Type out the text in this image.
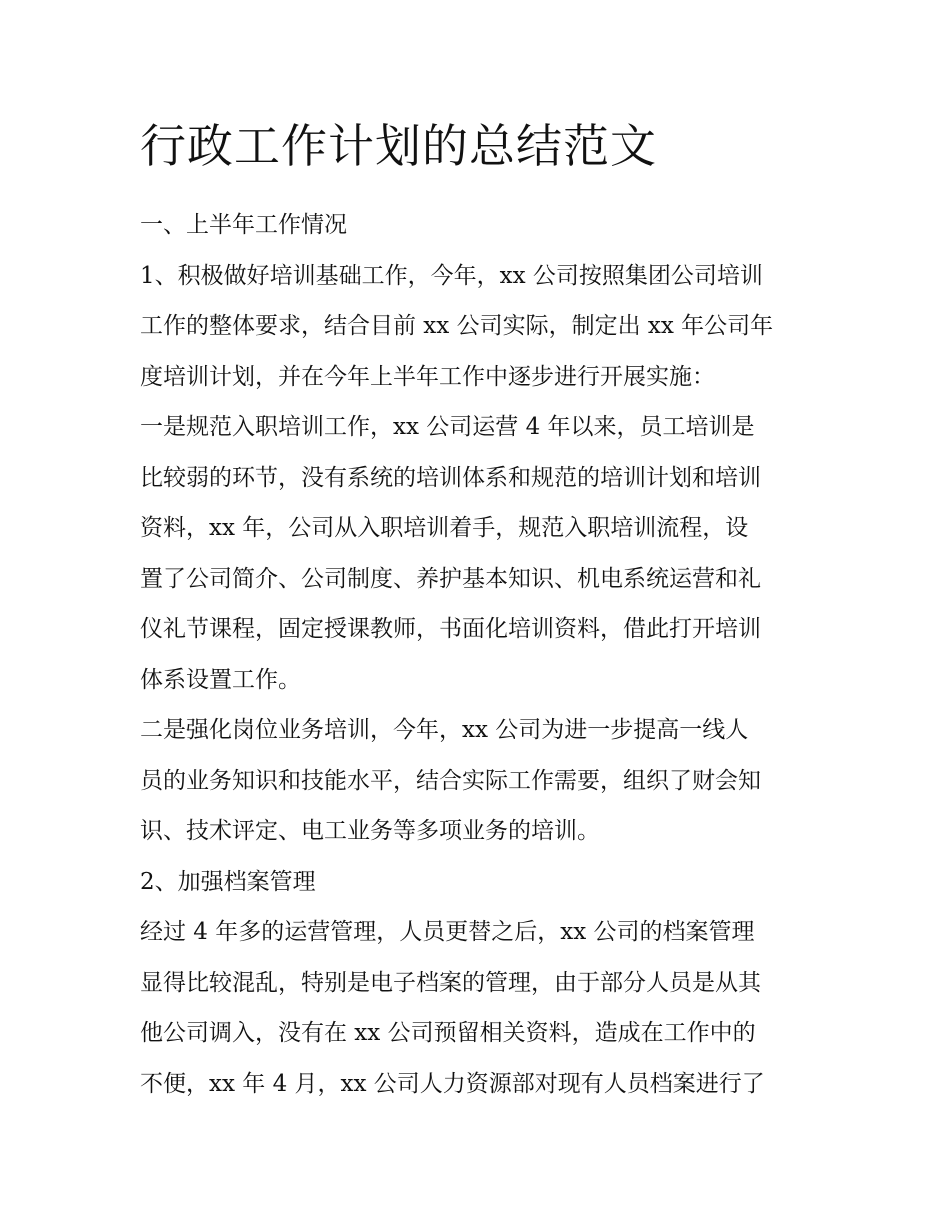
行政工作计划的总结范文

一、上半年工作情况

1、积极做好培训基础工作，今年，xx 公司按照集团公司培训

工作的整体要求，结合目前 xx 公司实际，制定出 xx 年公司年

度培训计划，并在今年上半年工作中逐步进行开展实施：

一是规范入职培训工作，xx 公司运营 4 年以来，员工培训是

比较弱的环节，没有系统的培训体系和规范的培训计划和培训

资料，xx 年，公司从入职培训着手，规范入职培训流程，设

置了公司简介、公司制度、养护基本知识、机电系统运营和礼

仪礼节课程，固定授课教师，书面化培训资料，借此打开培训

体系设置工作。

二是强化岗位业务培训，今年，xx 公司为进一步提高一线人

员的业务知识和技能水平，结合实际工作需要，组织了财会知

识、技术评定、电工业务等多项业务的培训。

2、加强档案管理

经过 4 年多的运营管理，人员更替之后，xx 公司的档案管理

显得比较混乱，特别是电子档案的管理，由于部分人员是从其

他公司调入，没有在 xx 公司预留相关资料，造成在工作中的

不便，xx 年 4 月，xx 公司人力资源部对现有人员档案进行了
